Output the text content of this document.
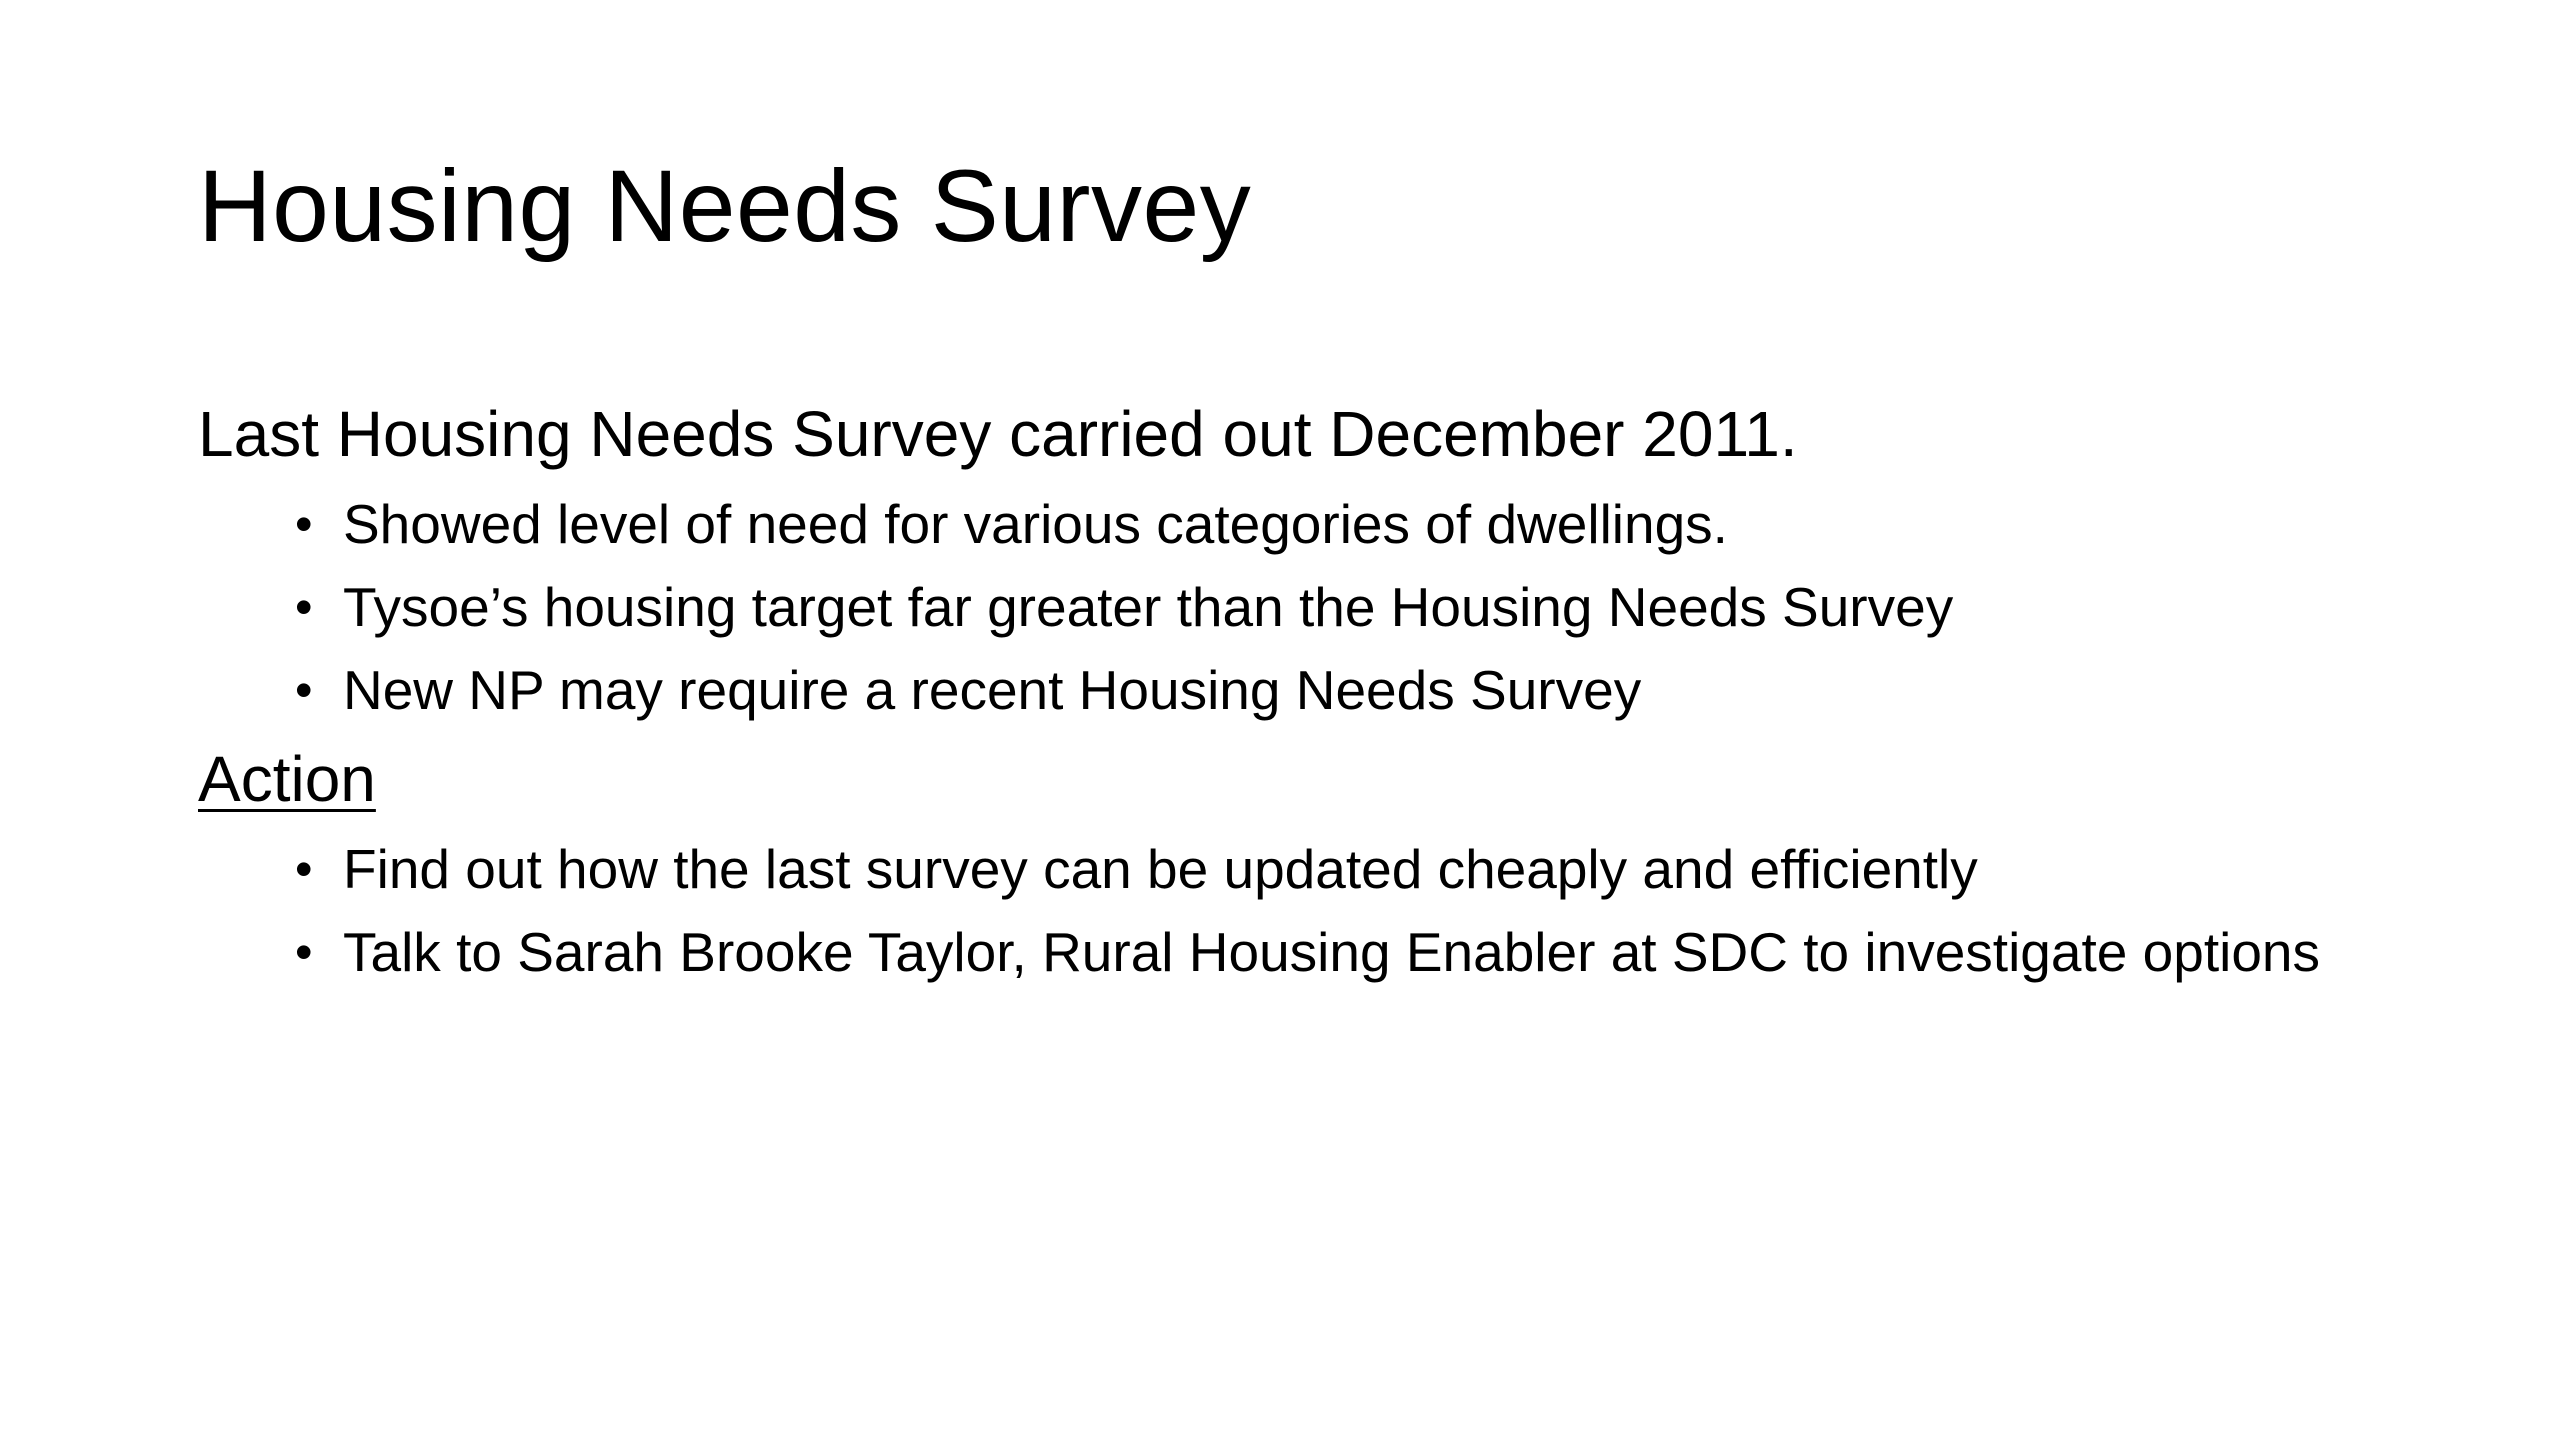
Housing Needs Survey

Last Housing Needs Survey carried out December 2011.

• Showed level of need for various categories of dwellings.
• Tysoe’s housing target far greater than the Housing Needs Survey
• New NP may require a recent Housing Needs Survey

Action

• Find out how the last survey can be updated cheaply and efficiently
• Talk to Sarah Brooke Taylor, Rural Housing Enabler at SDC to investigate options
